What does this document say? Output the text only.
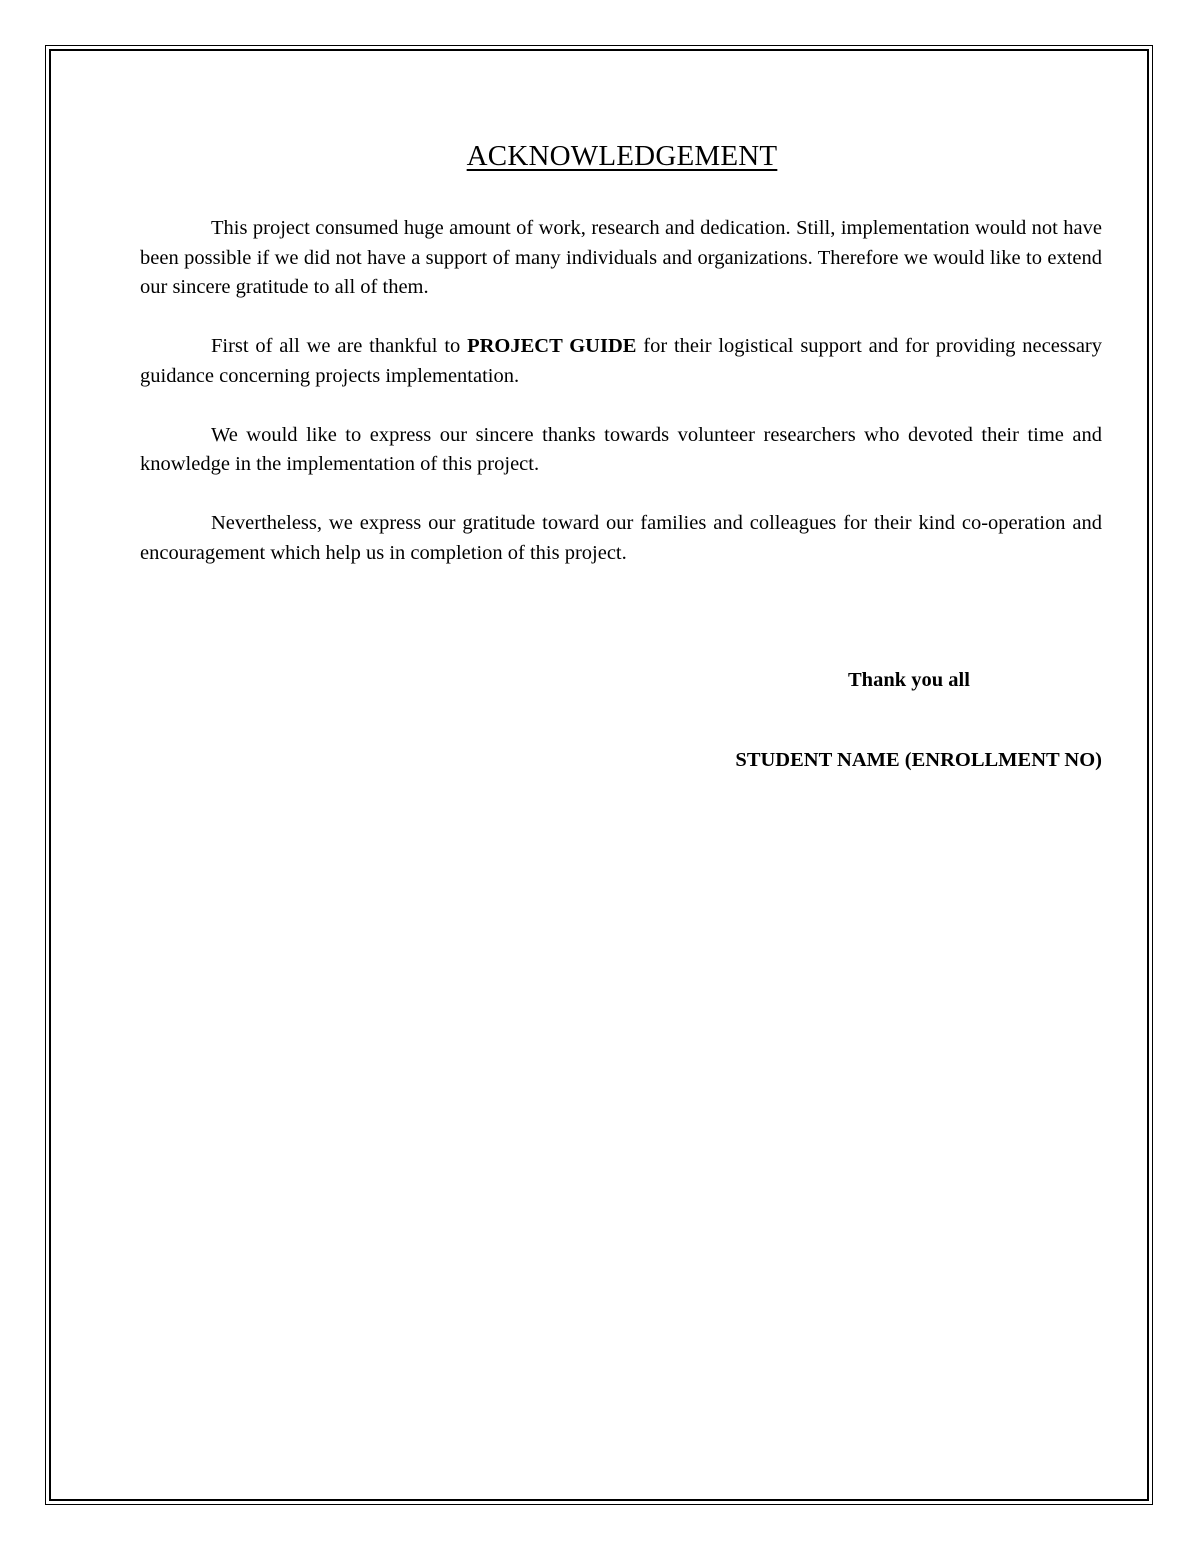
ACKNOWLEDGEMENT

This project consumed huge amount of work, research and dedication. Still, implementation would not have been possible if we did not have a support of many individuals and organizations. Therefore we would like to extend our sincere gratitude to all of them.

First of all we are thankful to PROJECT GUIDE for their logistical support and for providing necessary guidance concerning projects implementation.

We would like to express our sincere thanks towards volunteer researchers who devoted their time and knowledge in the implementation of this project.

Nevertheless, we express our gratitude toward our families and colleagues for their kind co-operation and encouragement which help us in completion of this project.

Thank you all
STUDENT NAME (ENROLLMENT NO)
